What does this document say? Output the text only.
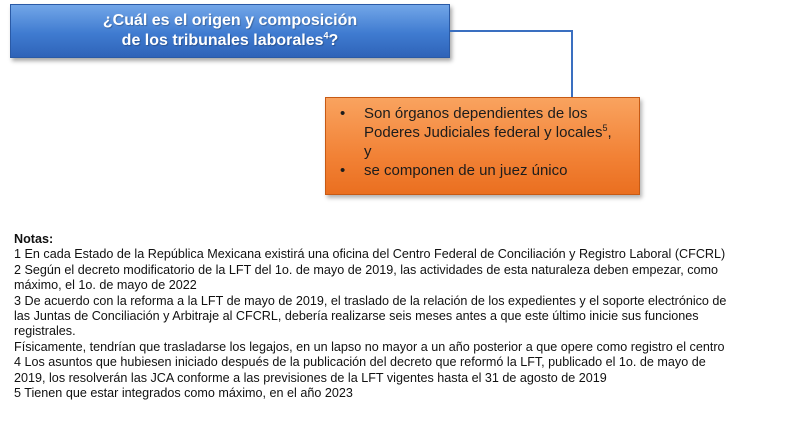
¿Cuál es el origen y composición
de los tribunales laborales$^4$?
• Son órganos dependientes de los
Poderes Judiciales federal y locales$^5$,
y
• se componen de un juez único

Notas:

1 En cada Estado de la República Mexicana existirá una oficina del Centro Federal de Conciliación y Registro Laboral (CFCRL)

2 Según el decreto modificatorio de la LFT del 1o. de mayo de 2019, las actividades de esta naturaleza deben empezar, como

máximo, el 1o. de mayo de 2022

3 De acuerdo con la reforma a la LFT de mayo de 2019, el traslado de la relación de los expedientes y el soporte electrónico de

las Juntas de Conciliación y Arbitraje al CFCRL, debería realizarse seis meses antes a que este último inicie sus funciones

registrales.

Físicamente, tendrían que trasladarse los legajos, en un lapso no mayor a un año posterior a que opere como registro el centro

4 Los asuntos que hubiesen iniciado después de la publicación del decreto que reformó la LFT, publicado el 1o. de mayo de

2019, los resolverán las JCA conforme a las previsiones de la LFT vigentes hasta el 31 de agosto de 2019

5 Tienen que estar integrados como máximo, en el año 2023
